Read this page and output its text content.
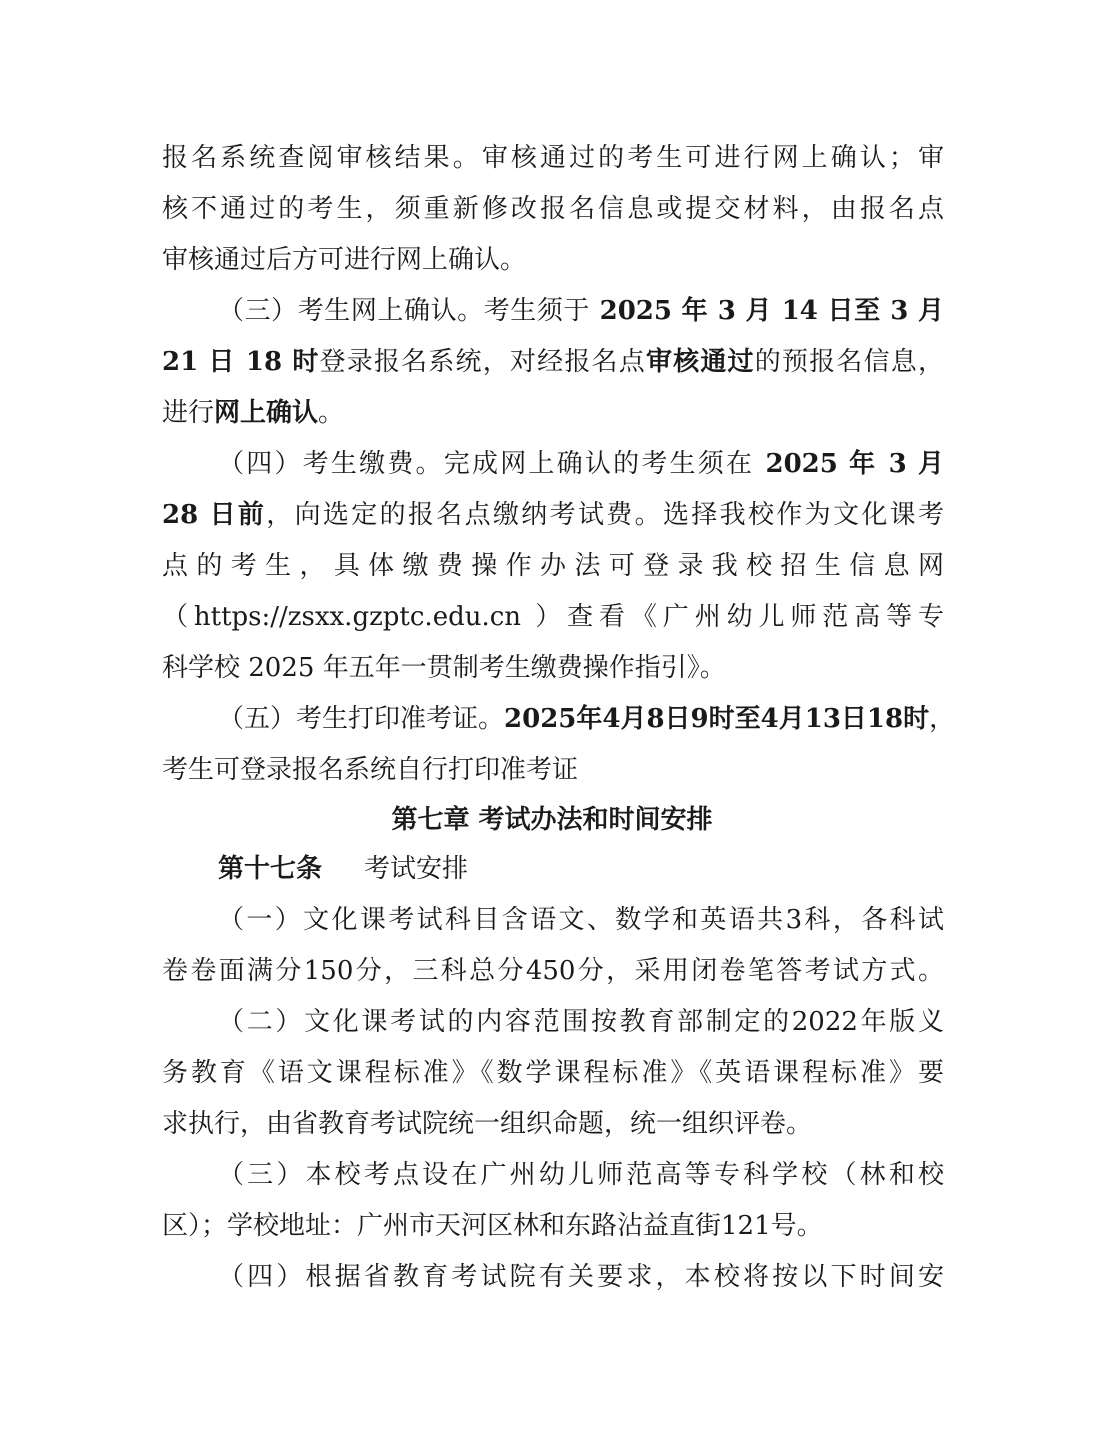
报名系统查阅审核结果。审核通过的考生可进行网上确认；审
核不通过的考生，须重新修改报名信息或提交材料，由报名点
审核通过后方可进行网上确认。
（三）考生网上确认。考生须于 2025 年 3 月 14 日至 3 月
21 日 18 时登录报名系统，对经报名点审核通过的预报名信息，
进行网上确认。
（四）考生缴费。完成网上确认的考生须在 2025 年 3 月
28 日前，向选定的报名点缴纳考试费。选择我校作为文化课考
点的考生，具体缴费操作办法可登录我校招生信息网
（https://zsxx.gzptc.edu.cn ）查看《广州幼儿师范高等专
科学校 2025 年五年一贯制考生缴费操作指引》。
（五）考生打印准考证。2025年4月8日9时至4月13日18时，
考生可登录报名系统自行打印准考证
第七章 考试办法和时间安排
第十七条 考试安排
（一）文化课考试科目含语文、数学和英语共3科，各科试
卷卷面满分150分，三科总分450分，采用闭卷笔答考试方式。
（二）文化课考试的内容范围按教育部制定的2022年版义
务教育《语文课程标准》《数学课程标准》《英语课程标准》要
求执行，由省教育考试院统一组织命题，统一组织评卷。
（三）本校考点设在广州幼儿师范高等专科学校（林和校
区）；学校地址：广州市天河区林和东路沾益直街121号。
（四）根据省教育考试院有关要求，本校将按以下时间安
